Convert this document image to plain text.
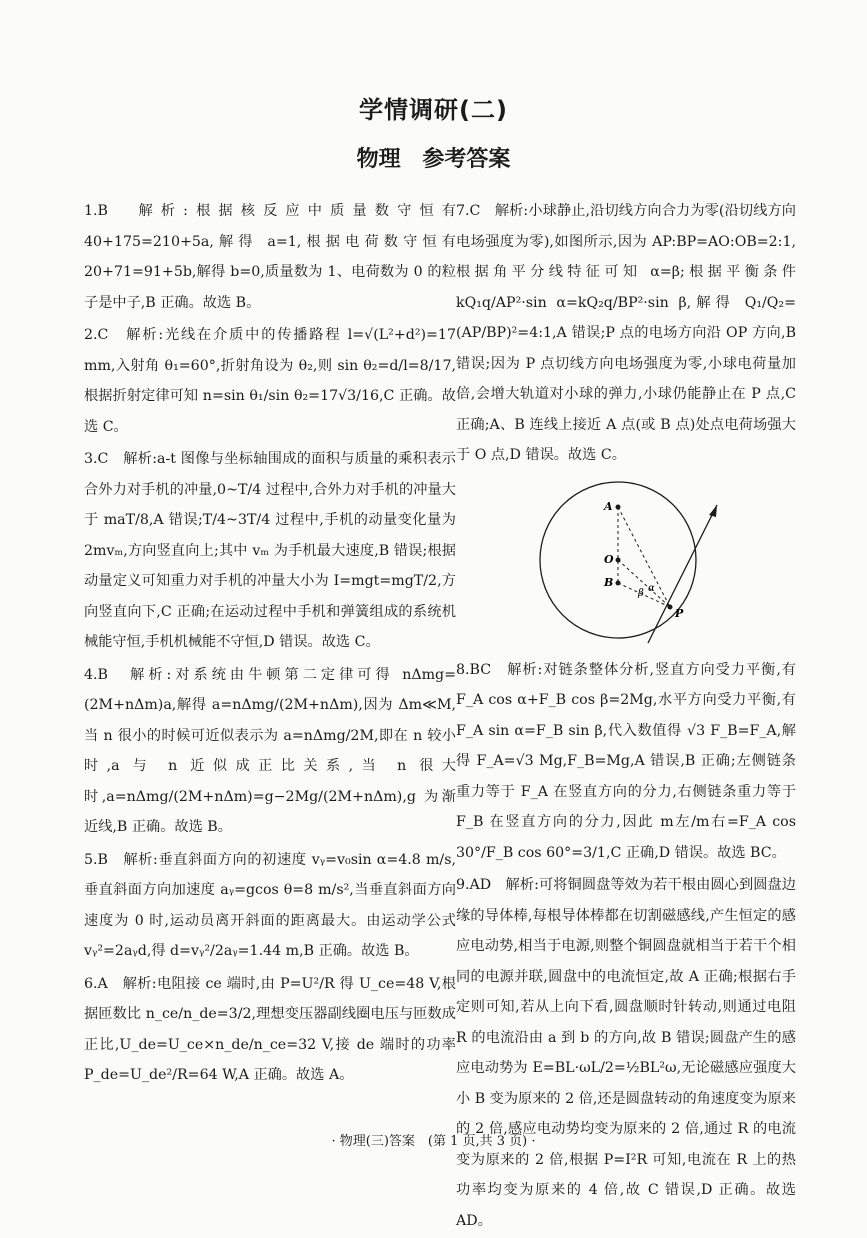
学情调研(二)
物理 参考答案

1.B　解析:根据核反应中质量数守恒有 40+175=210+5a,解得 a=1,根据电荷数守恒有 20+71=91+5b,解得 b=0,质量数为 1、电荷数为 0 的粒子是中子,B 正确。故选 B。

2.C　解析:光线在介质中的传播路程 l=√(L²+d²)=17 mm,入射角 θ₁=60°,折射角设为 θ₂,则 sin θ₂=d/l=8/17,根据折射定律可知 n=sin θ₁/sin θ₂=17√3/16,C 正确。故选 C。

3.C　解析:a-t 图像与坐标轴围成的面积与质量的乘积表示合外力对手机的冲量,0~T/4 过程中,合外力对手机的冲量大于 maT/8,A 错误;T/4~3T/4 过程中,手机的动量变化量为 2mvₘ,方向竖直向上;其中 vₘ 为手机最大速度,B 错误;根据动量定义可知重力对手机的冲量大小为 I=mgt=mgT/2,方向竖直向下,C 正确;在运动过程中手机和弹簧组成的系统机械能守恒,手机机械能不守恒,D 错误。故选 C。

4.B　解析:对系统由牛顿第二定律可得 nΔmg=(2M+nΔm)a,解得 a=nΔmg/(2M+nΔm),因为 Δm≪M,当 n 很小的时候可近似表示为 a=nΔmg/2M,即在 n 较小时,a 与 n 近似成正比关系,当 n 很大时,a=nΔmg/(2M+nΔm)=g−2Mg/(2M+nΔm),g 为渐近线,B 正确。故选 B。

5.B　解析:垂直斜面方向的初速度 vᵧ=v₀sin α=4.8 m/s,垂直斜面方向加速度 aᵧ=gcos θ=8 m/s²,当垂直斜面方向速度为 0 时,运动员离开斜面的距离最大。由运动学公式 vᵧ²=2aᵧd,得 d=vᵧ²/2aᵧ=1.44 m,B 正确。故选 B。

6.A　解析:电阻接 ce 端时,由 P=U²/R 得 U_ce=48 V,根据匝数比 n_ce/n_de=3/2,理想变压器副线圈电压与匝数成正比,U_de=U_ce×n_de/n_ce=32 V,接 de 端时的功率 P_de=U_de²/R=64 W,A 正确。故选 A。

7.C　解析:小球静止,沿切线方向合力为零(沿切线方向电场强度为零),如图所示,因为 AP:BP=AO:OB=2:1,根据角平分线特征可知 α=β;根据平衡条件 kQ₁q/AP²·sin α=kQ₂q/BP²·sin β,解得 Q₁/Q₂=(AP/BP)²=4:1,A 错误;P 点的电场方向沿 OP 方向,B 错误;因为 P 点切线方向电场强度为零,小球电荷量加倍,会增大轨道对小球的弹力,小球仍能静止在 P 点,C 正确;A、B 连线上接近 A 点(或 B 点)处点电荷场强大于 O 点,D 错误。故选 C。

A
O
B
P
α
β

8.BC　解析:对链条整体分析,竖直方向受力平衡,有 F_A cos α+F_B cos β=2Mg,水平方向受力平衡,有 F_A sin α=F_B sin β,代入数值得 √3 F_B=F_A,解得 F_A=√3 Mg,F_B=Mg,A 错误,B 正确;左侧链条重力等于 F_A 在竖直方向的分力,右侧链条重力等于 F_B 在竖直方向的分力,因此 m左/m右=F_A cos 30°/F_B cos 60°=3/1,C 正确,D 错误。故选 BC。

9.AD　解析:可将铜圆盘等效为若干根由圆心到圆盘边缘的导体棒,每根导体棒都在切割磁感线,产生恒定的感应电动势,相当于电源,则整个铜圆盘就相当于若干个相同的电源并联,圆盘中的电流恒定,故 A 正确;根据右手定则可知,若从上向下看,圆盘顺时针转动,则通过电阻 R 的电流沿由 a 到 b 的方向,故 B 错误;圆盘产生的感应电动势为 E=BL·ωL/2=½BL²ω,无论磁感应强度大小 B 变为原来的 2 倍,还是圆盘转动的角速度变为原来的 2 倍,感应电动势均变为原来的 2 倍,通过 R 的电流变为原来的 2 倍,根据 P=I²R 可知,电流在 R 上的热功率均变为原来的 4 倍,故 C 错误,D 正确。故选 AD。

· 物理(三)答案　(第 1 页,共 3 页) ·
